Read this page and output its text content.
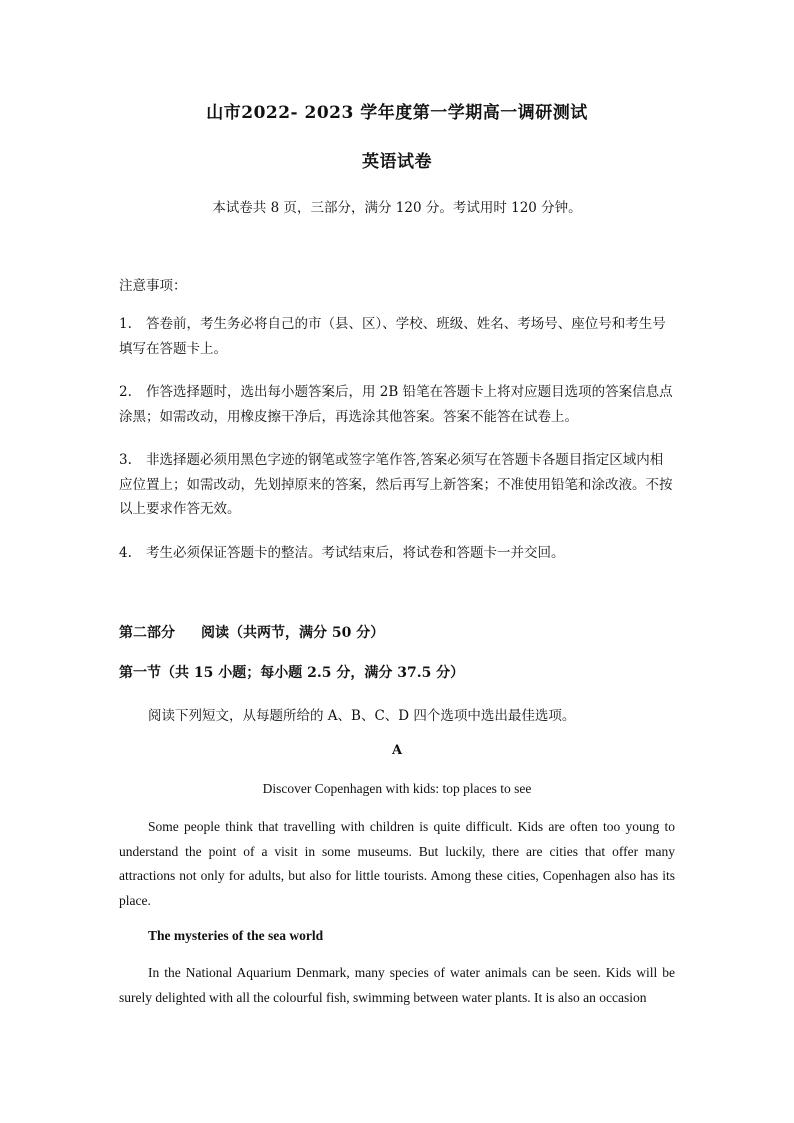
山市2022- 2023 学年度第一学期高一调研测试
英语试卷
本试卷共 8 页，三部分，满分 120 分。考试用时 120 分钟。
注意事项：
1. 答卷前，考生务必将自己的市（县、区）、学校、班级、姓名、考场号、座位号和考生号填写在答题卡上。
2. 作答选择题时，选出每小题答案后，用 2B 铅笔在答题卡上将对应题目选项的答案信息点涂黑；如需改动，用橡皮擦干净后，再选涂其他答案。答案不能答在试卷上。
3. 非选择题必须用黑色字迹的钢笔或签字笔作答,答案必须写在答题卡各题目指定区域内相应位置上；如需改动，先划掉原来的答案，然后再写上新答案；不准使用铅笔和涂改液。不按以上要求作答无效。
4. 考生必须保证答题卡的整洁。考试结束后，将试卷和答题卡一并交回。
第二部分 阅读（共两节，满分 50 分）
第一节（共 15 小题；每小题 2.5 分，满分 37.5 分）
阅读下列短文，从每题所给的 A、B、C、D 四个选项中选出最佳选项。
A
Discover Copenhagen with kids: top places to see
Some people think that travelling with children is quite difficult. Kids are often too young to understand the point of a visit in some museums. But luckily, there are cities that offer many attractions not only for adults, but also for little tourists. Among these cities, Copenhagen also has its place.
The mysteries of the sea world
In the National Aquarium Denmark, many species of water animals can be seen. Kids will be surely delighted with all the colourful fish, swimming between water plants. It is also an occasion
